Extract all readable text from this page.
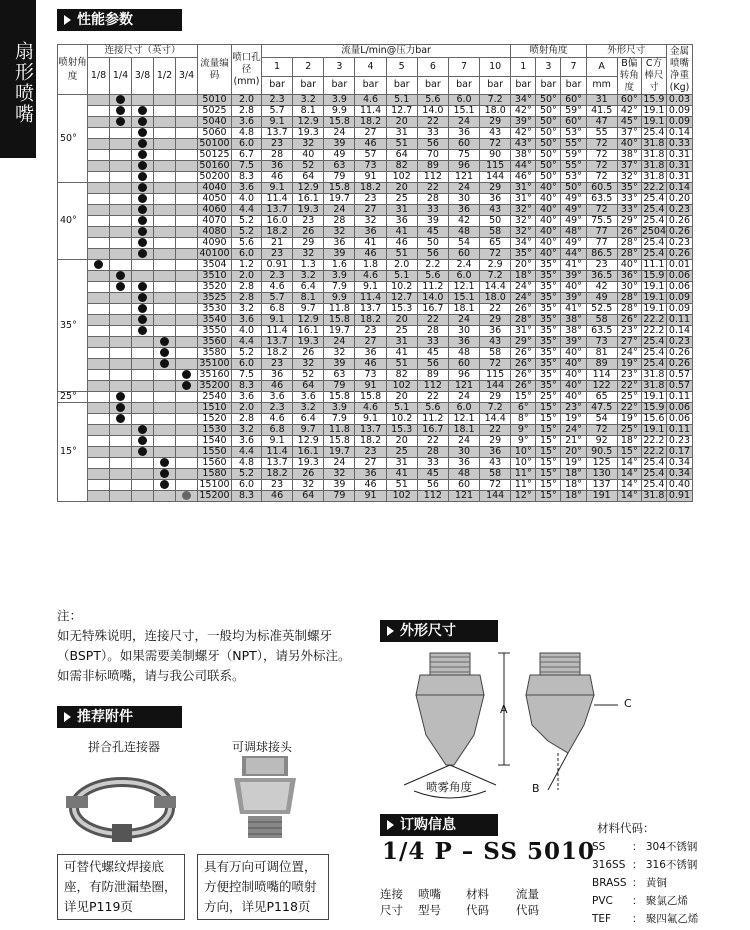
扇形喷嘴
性能参数
喷射角度	连接尺寸（英寸）					流量编码	喷口孔径(mm)	流量L/min@压力bar								喷射角度			外形尺寸			金属喷嘴净重(Kg)
	1/8	1/4	3/8	1/2	3/4			1	2	3	4	5	6	7	10	1	3	7	A	B偏转角度	C方棒尺寸	
								bar	bar	bar	bar	bar	bar	bar	bar	bar	bar	bar	mm			
50°						5010	2.0	2.3	3.2	3.9	4.6	5.1	5.6	6.0	7.2	34°	50°	60°	31	60°	15.9	0.03
						5025	2.8	5.7	8.1	9.9	11.4	12.7	14.0	15.1	18.0	42°	50°	59°	41.5	42°	19.1	0.09
						5040	3.6	9.1	12.9	15.8	18.2	20	22	24	29	39°	50°	60°	47	45°	19.1	0.09
						5060	4.8	13.7	19.3	24	27	31	33	36	43	42°	50°	53°	55	37°	25.4	0.14
						50100	6.0	23	32	39	46	51	56	60	72	43°	50°	55°	72	40°	31.8	0.33
						50125	6.7	28	40	49	57	64	70	75	90	38°	50°	59°	72	38°	31.8	0.31
						50160	7.5	36	52	63	73	82	89	96	115	44°	50°	55°	72	37°	31.8	0.31
						50200	8.3	46	64	79	91	102	112	121	144	46°	50°	53°	72	32°	31.8	0.31
40°						4040	3.6	9.1	12.9	15.8	18.2	20	22	24	29	31°	40°	50°	60.5	35°	22.2	0.14
						4050	4.0	11.4	16.1	19.7	23	25	28	30	36	31°	40°	49°	63.5	33°	25.4	0.20
						4060	4.4	13.7	19.3	24	27	31	33	36	43	32°	40°	49°	72	33°	25.4	0.23
						4070	5.2	16.0	23	28	32	36	39	42	50	32°	40°	49°	75.5	29°	25.4	0.26
						4080	5.2	18.2	26	32	36	41	45	48	58	32°	40°	48°	77	26°	2504	0.26
						4090	5.6	21	29	36	41	46	50	54	65	34°	40°	49°	77	28°	25.4	0.23
						40100	6.0	23	32	39	46	51	56	60	72	35°	40°	44°	86.5	28°	25.4	0.26
35°						3504	1.2	0.91	1.3	1.6	1.8	2.0	2.2	2.4	2.9	20°	35°	41°	23	40°	11.1	0.01
						3510	2.0	2.3	3.2	3.9	4.6	5.1	5.6	6.0	7.2	18°	35°	39°	36.5	36°	15.9	0.06
						3520	2.8	4.6	6.4	7.9	9.1	10.2	11.2	12.1	14.4	24°	35°	40°	42	30°	19.1	0.06
						3525	2.8	5.7	8.1	9.9	11.4	12.7	14.0	15.1	18.0	24°	35°	39°	49	28°	19.1	0.09
						3530	3.2	6.8	9.7	11.8	13.7	15.3	16.7	18.1	22	26°	35°	41°	52.5	28°	19.1	0.09
						3540	3.6	9.1	12.9	15.8	18.2	20	22	24	29	28°	35°	38°	58	26°	22.2	0.11
						3550	4.0	11.4	16.1	19.7	23	25	28	30	36	31°	35°	38°	63.5	23°	22.2	0.14
						3560	4.4	13.7	19.3	24	27	31	33	36	43	29°	35°	39°	73	27°	25.4	0.23
						3580	5.2	18.2	26	32	36	41	45	48	58	26°	35°	40°	81	24°	25.4	0.26
						35100	6.0	23	32	39	46	51	56	60	72	26°	35°	40°	89	19°	25.4	0.26
						35160	7.5	36	52	63	73	82	89	96	115	26°	35°	40°	114	23°	31.8	0.57
						35200	8.3	46	64	79	91	102	112	121	144	26°	35°	40°	122	22°	31.8	0.57
25°						2540	3.6	3.6	3.6	15.8	15.8	20	22	24	29	15°	25°	40°	65	25°	19.1	0.11
15°						1510	2.0	2.3	3.2	3.9	4.6	5.1	5.6	6.0	7.2	6°	15°	23°	47.5	22°	15.9	0.06
						1520	2.8	4.6	6.4	7.9	9.1	10.2	11.2	12.1	14.4	8°	15°	19°	54	19°	15.6	0.06
						1530	3.2	6.8	9.7	11.8	13.7	15.3	16.7	18.1	22	9°	15°	24°	72	25°	19.1	0.11
						1540	3.6	9.1	12.9	15.8	18.2	20	22	24	29	9°	15°	21°	92	18°	22.2	0.23
						1550	4.4	11.4	16.1	19.7	23	25	28	30	36	10°	15°	20°	90.5	15°	22.2	0.17
						1560	4.8	13.7	19.3	24	27	31	33	36	43	10°	15°	19°	125	14°	25.4	0.34
						1580	5.2	18.2	26	32	36	41	45	48	58	11°	15°	18°	130	14°	25.4	0.34
						15100	6.0	23	32	39	46	51	56	60	72	11°	15°	18°	137	14°	25.4	0.40
						15200	8.3	46	64	79	91	102	112	121	144	12°	15°	18°	191	14°	31.8	0.91
注：
如无特殊说明，连接尺寸，一般均为标准英制螺牙（BSPT）。如果需要美制螺牙（NPT），请另外标注。如需非标喷嘴，请与我公司联系。
推荐附件
拼合孔连接器	可调球接头
可替代螺纹焊接底座，有防泄漏垫圈，详见P119页
具有万向可调位置，方便控制喷嘴的喷射方向，详见P118页
外形尺寸
A	C
B
喷雾角度
订购信息
1/4 P – SS 5010
连接
尺寸
喷嘴
型号
材料
代码
流量
代码
材料代码：
SS	： 304不锈钢
316SS ： 316不锈钢
BRASS ： 黄铜
PVC ： 聚氯乙烯
TEF ： 聚四氟乙烯
